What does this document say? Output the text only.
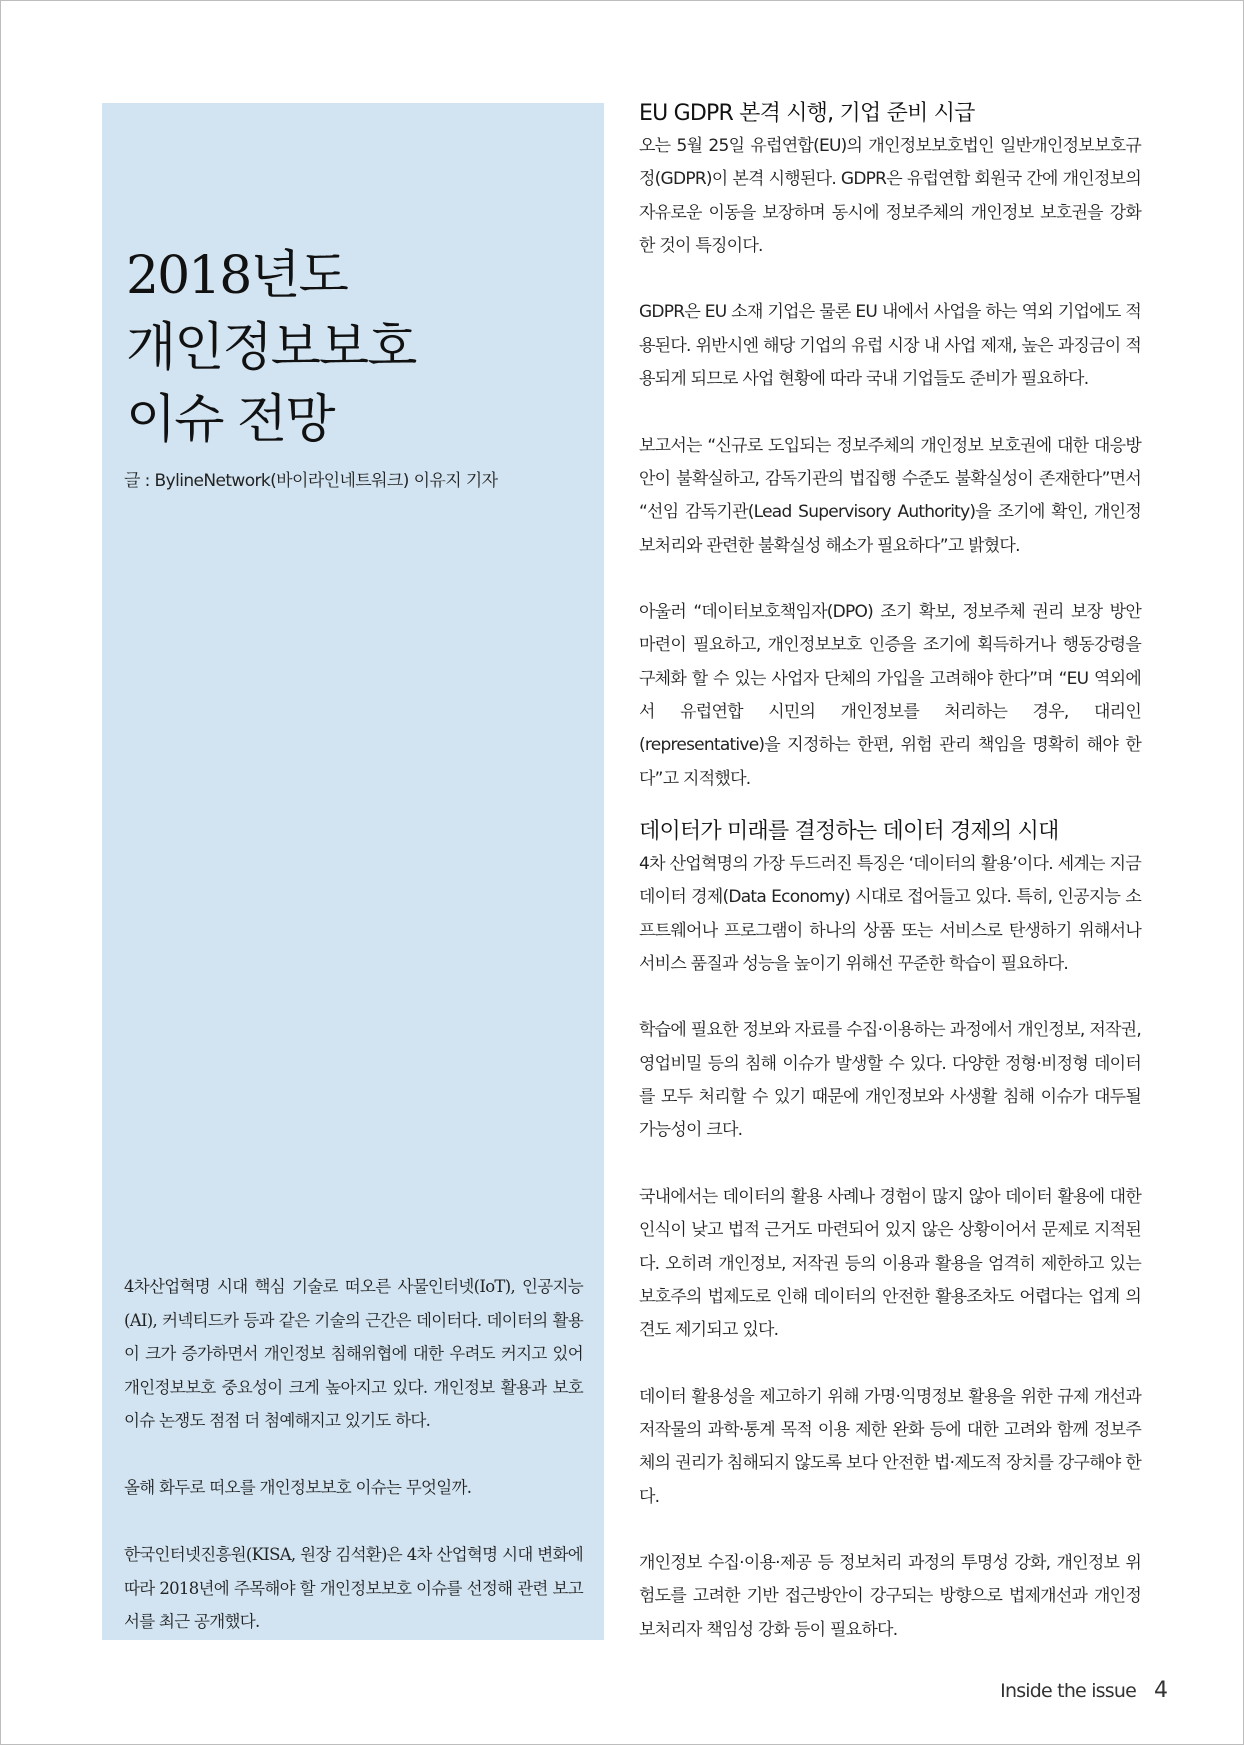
2018년도
개인정보보호
이슈 전망
글 : BylineNetwork(바이라인네트워크) 이유지 기자

4차산업혁명 시대 핵심 기술로 떠오른 사물인터넷(IoT), 인공지능(AI), 커넥티드카 등과 같은 기술의 근간은 데이터다. 데이터의 활용이 크가 증가하면서 개인정보 침해위협에 대한 우려도 커지고 있어 개인정보보호 중요성이 크게 높아지고 있다. 개인정보 활용과 보호 이슈 논쟁도 점점 더 첨예해지고 있기도 하다.

올해 화두로 떠오를 개인정보보호 이슈는 무엇일까.

한국인터넷진흥원(KISA, 원장 김석환)은 4차 산업혁명 시대 변화에 따라 2018년에 주목해야 할 개인정보보호 이슈를 선정해 관련 보고서를 최근 공개했다.

EU GDPR 본격 시행, 기업 준비 시급

오는 5월 25일 유럽연합(EU)의 개인정보보호법인 일반개인정보보호규정(GDPR)이 본격 시행된다. GDPR은 유럽연합 회원국 간에 개인정보의 자유로운 이동을 보장하며 동시에 정보주체의 개인정보 보호권을 강화한 것이 특징이다.

GDPR은 EU 소재 기업은 물론 EU 내에서 사업을 하는 역외 기업에도 적용된다. 위반시엔 해당 기업의 유럽 시장 내 사업 제재, 높은 과징금이 적용되게 되므로 사업 현황에 따라 국내 기업들도 준비가 필요하다.

보고서는 “신규로 도입되는 정보주체의 개인정보 보호권에 대한 대응방안이 불확실하고, 감독기관의 법집행 수준도 불확실성이 존재한다”면서 “선임 감독기관(Lead Supervisory Authority)을 조기에 확인, 개인정보처리와 관련한 불확실성 해소가 필요하다”고 밝혔다.

아울러 “데이터보호책임자(DPO) 조기 확보, 정보주체 권리 보장 방안 마련이 필요하고, 개인정보보호 인증을 조기에 획득하거나 행동강령을 구체화 할 수 있는 사업자 단체의 가입을 고려해야 한다”며 “EU 역외에서 유럽연합 시민의 개인정보를 처리하는 경우, 대리인(representative)을 지정하는 한편, 위험 관리 책임을 명확히 해야 한다”고 지적했다.

데이터가 미래를 결정하는 데이터 경제의 시대

4차 산업혁명의 가장 두드러진 특징은 ‘데이터의 활용’이다. 세계는 지금 데이터 경제(Data Economy) 시대로 접어들고 있다. 특히, 인공지능 소프트웨어나 프로그램이 하나의 상품 또는 서비스로 탄생하기 위해서나 서비스 품질과 성능을 높이기 위해선 꾸준한 학습이 필요하다.

학습에 필요한 정보와 자료를 수집·이용하는 과정에서 개인정보, 저작권, 영업비밀 등의 침해 이슈가 발생할 수 있다. 다양한 정형·비정형 데이터를 모두 처리할 수 있기 때문에 개인정보와 사생활 침해 이슈가 대두될 가능성이 크다.

국내에서는 데이터의 활용 사례나 경험이 많지 않아 데이터 활용에 대한 인식이 낮고 법적 근거도 마련되어 있지 않은 상황이어서 문제로 지적된다. 오히려 개인정보, 저작권 등의 이용과 활용을 엄격히 제한하고 있는 보호주의 법제도로 인해 데이터의 안전한 활용조차도 어렵다는 업계 의견도 제기되고 있다.

데이터 활용성을 제고하기 위해 가명·익명정보 활용을 위한 규제 개선과 저작물의 과학·통계 목적 이용 제한 완화 등에 대한 고려와 함께 정보주체의 권리가 침해되지 않도록 보다 안전한 법·제도적 장치를 강구해야 한다.

개인정보 수집·이용·제공 등 정보처리 과정의 투명성 강화, 개인정보 위험도를 고려한 기반 접근방안이 강구되는 방향으로 법제개선과 개인정보처리자 책임성 강화 등이 필요하다.

Inside the issue 4
